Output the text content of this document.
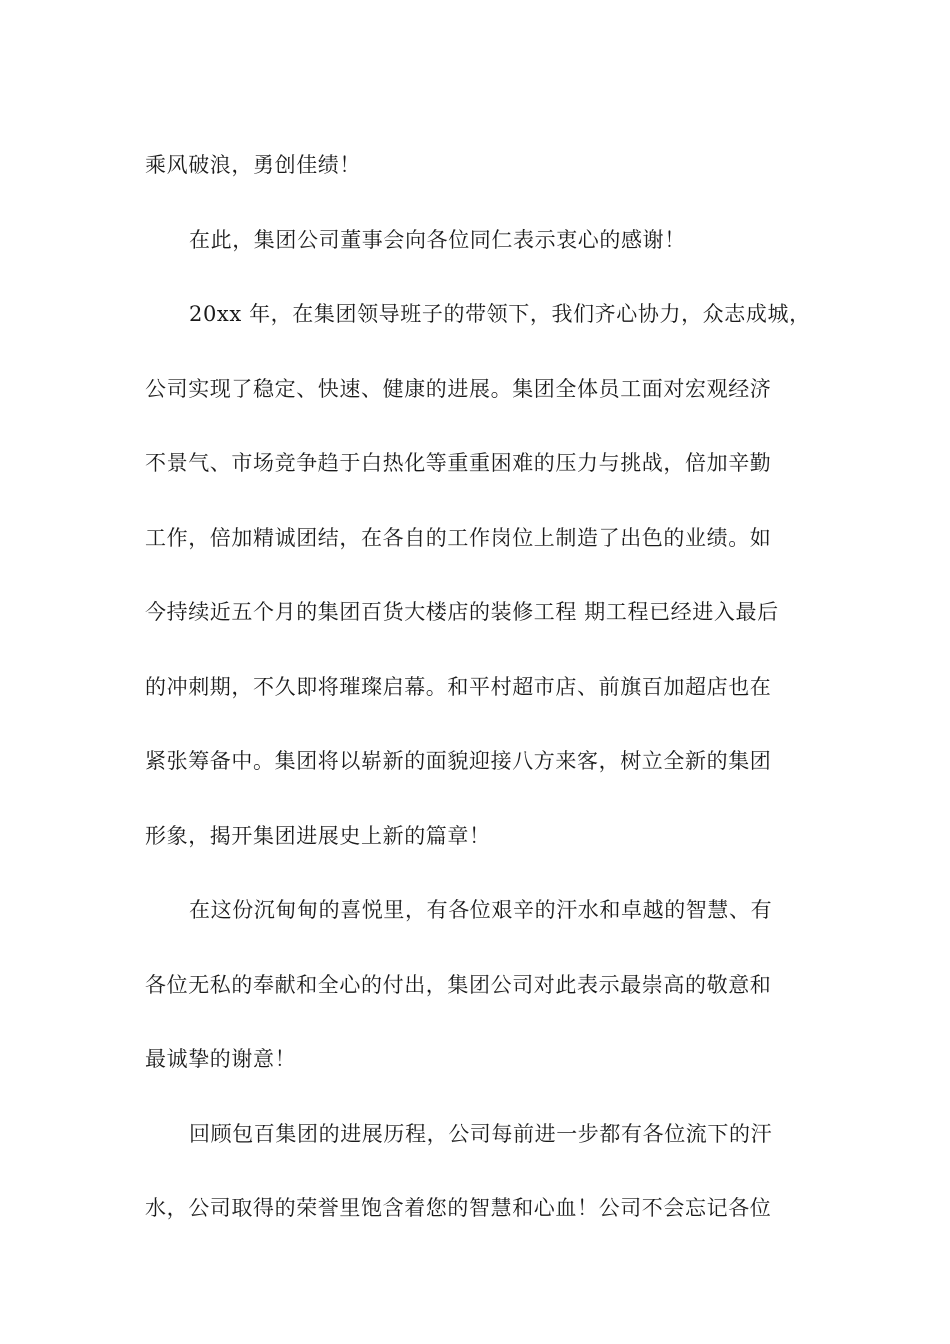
乘风破浪，勇创佳绩！
在此，集团公司董事会向各位同仁表示衷心的感谢！
20xx 年，在集团领导班子的带领下，我们齐心协力，众志成城，
公司实现了稳定、快速、健康的进展。集团全体员工面对宏观经济
不景气、市场竞争趋于白热化等重重困难的压力与挑战，倍加辛勤
工作，倍加精诚团结，在各自的工作岗位上制造了出色的业绩。如
今持续近五个月的集团百货大楼店的装修工程 期工程已经进入最后
的冲刺期，不久即将璀璨启幕。和平村超市店、前旗百加超店也在
紧张筹备中。集团将以崭新的面貌迎接八方来客，树立全新的集团
形象，揭开集团进展史上新的篇章！
在这份沉甸甸的喜悦里，有各位艰辛的汗水和卓越的智慧、有
各位无私的奉献和全心的付出，集团公司对此表示最崇高的敬意和
最诚挚的谢意！
回顾包百集团的进展历程，公司每前进一步都有各位流下的汗
水，公司取得的荣誉里饱含着您的智慧和心血！公司不会忘记各位
